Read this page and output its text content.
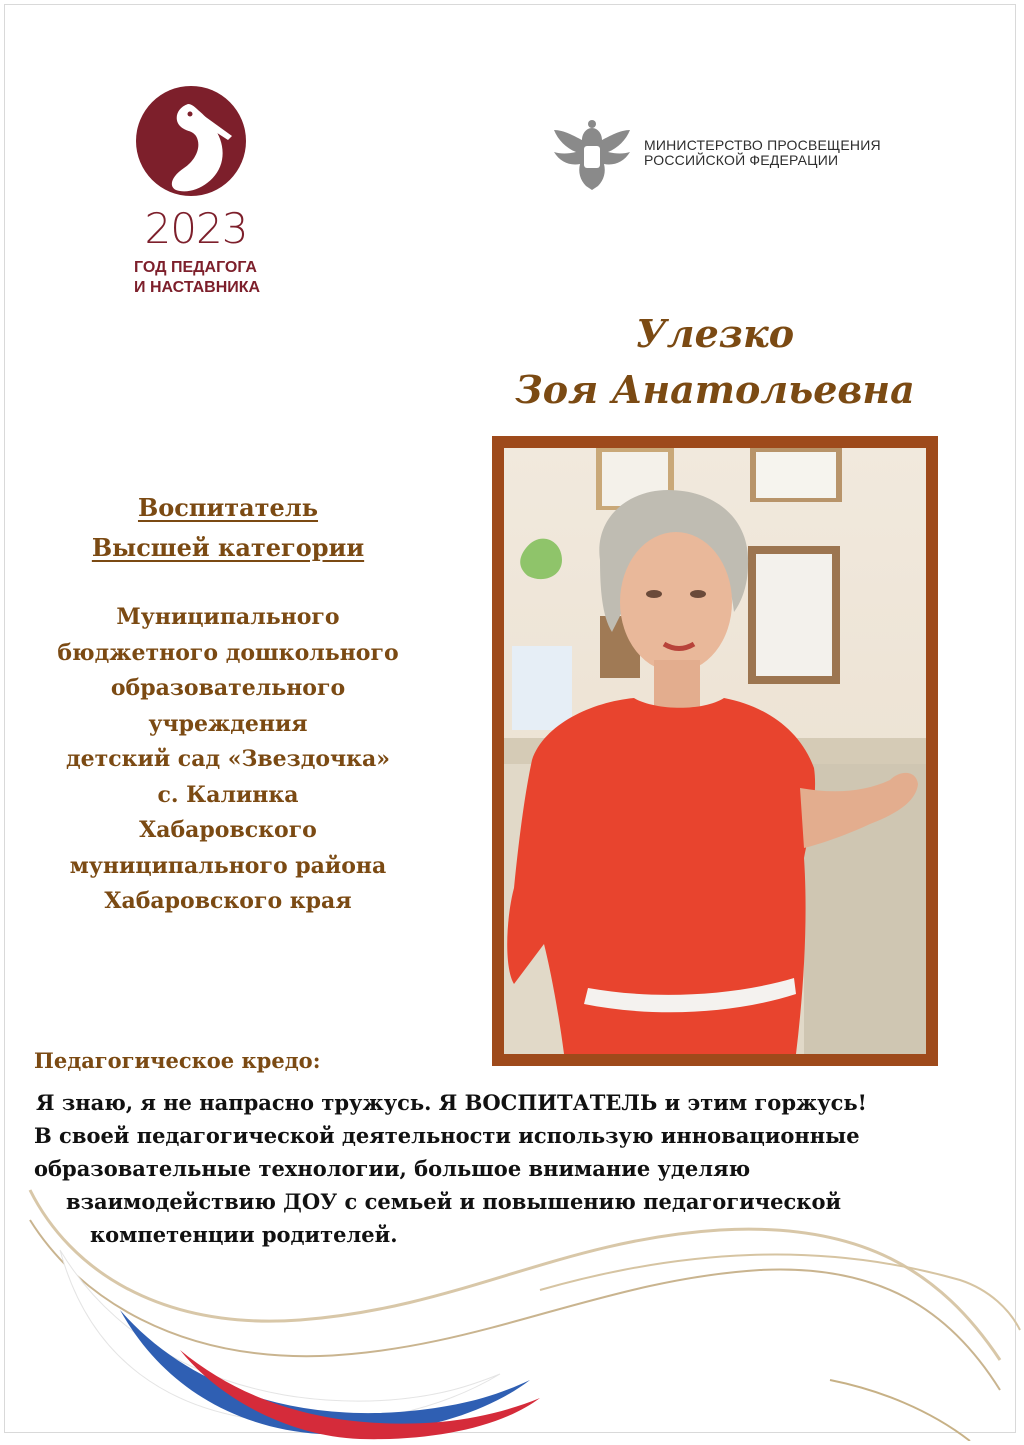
2023
ГОД ПЕДАГОГА
И НАСТАВНИКА
МИНИСТЕРСТВО ПРОСВЕЩЕНИЯ
РОССИЙСКОЙ ФЕДЕРАЦИИ
Улезко
Зоя Анатольевна
Воспитатель
Высшей категории
Муниципального
бюджетного дошкольного
образовательного
учреждения
детский сад «Звездочка»
с. Калинка
Хабаровского
муниципального района
Хабаровского края
Педагогическое кредо:
Я знаю, я не напрасно тружусь. Я ВОСПИТАТЕЛЬ и этим горжусь!
В своей педагогической деятельности использую инновационные
образовательные технологии, большое внимание уделяю
взаимодействию ДОУ с семьей и повышению педагогической
компетенции родителей.
